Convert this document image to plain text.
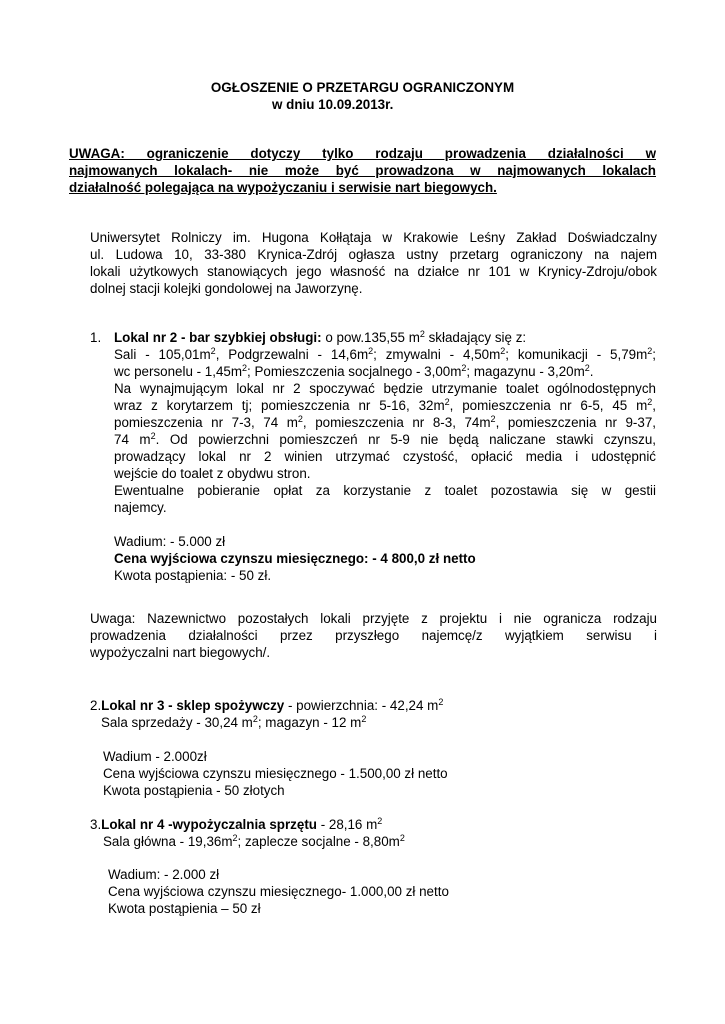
OGŁOSZENIE O PRZETARGU OGRANICZONYM
w dniu 10.09.2013r.
UWAGA: ograniczenie dotyczy tylko rodzaju prowadzenia działalności w
najmowanych lokalach- nie może być prowadzona w najmowanych lokalach
działalność polegająca na wypożyczaniu i serwisie nart biegowych.
Uniwersytet Rolniczy im. Hugona Kołłątaja w Krakowie Leśny Zakład Doświadczalny
ul. Ludowa 10, 33-380 Krynica-Zdrój ogłasza ustny przetarg ograniczony na najem
lokali użytkowych stanowiących jego własność na działce nr 101 w Krynicy-Zdroju/obok
dolnej stacji kolejki gondolowej na Jaworzynę.
1. Lokal nr 2 - bar szybkiej obsługi: o pow.135,55 $m^2$ składający się z:
Sali - $105,01m^2$, Podgrzewalni - $14,6m^2$; zmywalni - $4,50m^2$; komunikacji - $5,79m^2$;
wc personelu - $1,45m^2$; Pomieszczenia socjalnego - $3,00m^2$; magazynu - $3,20m^2$.
Na wynajmującym lokal nr 2 spoczywać będzie utrzymanie toalet ogólnodostępnych
wraz z korytarzem tj; pomieszczenia nr 5-16, $32m^2$, pomieszczenia nr 6-5, 45 $m^2$,
pomieszczenia nr 7-3, 74 $m^2$, pomieszczenia nr 8-3, $74m^2$, pomieszczenia nr 9-37,
74 $m^2$. Od powierzchni pomieszczeń nr 5-9 nie będą naliczane stawki czynszu,
prowadzący lokal nr 2 winien utrzymać czystość, opłacić media i udostępnić
wejście do toalet z obydwu stron.
Ewentualne pobieranie opłat za korzystanie z toalet pozostawia się w gestii
najemcy.
Wadium: - 5.000 zł
Cena wyjściowa czynszu miesięcznego: - 4 800,0 zł netto
Kwota postąpienia: - 50 zł.
Uwaga: Nazewnictwo pozostałych lokali przyjęte z projektu i nie ogranicza rodzaju
prowadzenia działalności przez przyszłego najemcę/z wyjątkiem serwisu i
wypożyczalni nart biegowych/.
2.Lokal nr 3 - sklep spożywczy - powierzchnia: - 42,24 $m^2$
Sala sprzedaży - 30,24 $m^2$; magazyn - 12 $m^2$
Wadium - 2.000zł
Cena wyjściowa czynszu miesięcznego - 1.500,00 zł netto
Kwota postąpienia - 50 złotych
3.Lokal nr 4 -wypożyczalnia sprzętu - 28,16 $m^2$
Sala główna - $19,36m^2$; zaplecze socjalne - $8,80m^2$
Wadium: - 2.000 zł
Cena wyjściowa czynszu miesięcznego- 1.000,00 zł netto
Kwota postąpienia – 50 zł
